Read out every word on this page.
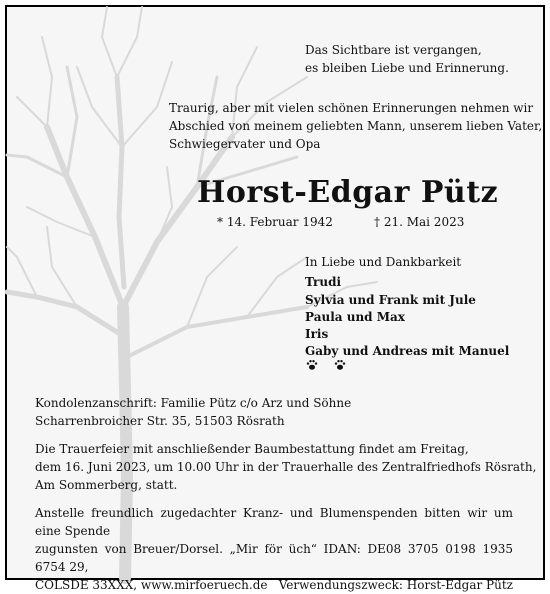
Das Sichtbare ist vergangen,
es bleiben Liebe und Erinnerung.
Traurig, aber mit vielen schönen Erinnerungen nehmen wir
Abschied von meinem geliebten Mann, unserem lieben Vater,
Schwiegervater und Opa
Horst-Edgar Pütz
* 14. Februar 1942	† 21. Mai 2023
In Liebe und Dankbarkeit
Trudi
Sylvia und Frank mit Jule
Paula und Max
Iris
Gaby und Andreas mit Manuel
Kondolenzanschrift: Familie Pütz c/o Arz und Söhne
Scharrenbroicher Str. 35, 51503 Rösrath
Die Trauerfeier mit anschließender Baumbestattung findet am Freitag,
dem 16. Juni 2023, um 10.00 Uhr in der Trauerhalle des Zentralfriedhofs Rösrath,
Am Sommerberg, statt.
Anstelle freundlich zugedachter Kranz- und Blumenspenden bitten wir um eine Spende
zugunsten von Breuer/Dorsel. „Mir för üch“ IDAN: DE08 3705 0198 1935 6754 29,
COLSDE 33XXX, www.mirfoeruech.de Verwendungszweck: Horst-Edgar Pütz
